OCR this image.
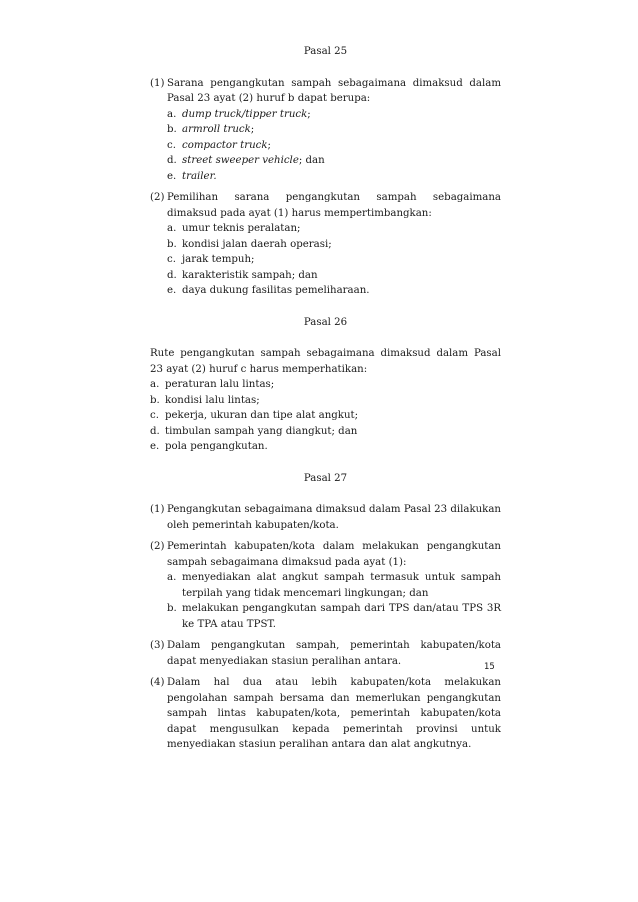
Pasal 25
(1) Sarana pengangkutan sampah sebagaimana dimaksud dalam Pasal 23 ayat (2) huruf b dapat berupa:
a. dump truck/tipper truck;
b. armroll truck;
c. compactor truck;
d. street sweeper vehicle; dan
e. trailer.
(2) Pemilihan sarana pengangkutan sampah sebagaimana dimaksud pada ayat (1) harus mempertimbangkan:
a. umur teknis peralatan;
b. kondisi jalan daerah operasi;
c. jarak tempuh;
d. karakteristik sampah; dan
e. daya dukung fasilitas pemeliharaan.
Pasal 26
Rute pengangkutan sampah sebagaimana dimaksud dalam Pasal 23 ayat (2) huruf c harus memperhatikan:
a. peraturan lalu lintas;
b. kondisi lalu lintas;
c. pekerja, ukuran dan tipe alat angkut;
d. timbulan sampah yang diangkut; dan
e. pola pengangkutan.
Pasal 27
(1) Pengangkutan sebagaimana dimaksud dalam Pasal 23 dilakukan oleh pemerintah kabupaten/kota.
(2) Pemerintah kabupaten/kota dalam melakukan pengangkutan sampah sebagaimana dimaksud pada ayat (1):
a. menyediakan alat angkut sampah termasuk untuk sampah terpilah yang tidak mencemari lingkungan; dan
b. melakukan pengangkutan sampah dari TPS dan/atau TPS 3R ke TPA atau TPST.
(3) Dalam pengangkutan sampah, pemerintah kabupaten/kota dapat menyediakan stasiun peralihan antara.
(4) Dalam hal dua atau lebih kabupaten/kota melakukan pengolahan sampah bersama dan memerlukan pengangkutan sampah lintas kabupaten/kota, pemerintah kabupaten/kota dapat mengusulkan kepada pemerintah provinsi untuk menyediakan stasiun peralihan antara dan alat angkutnya.
15
